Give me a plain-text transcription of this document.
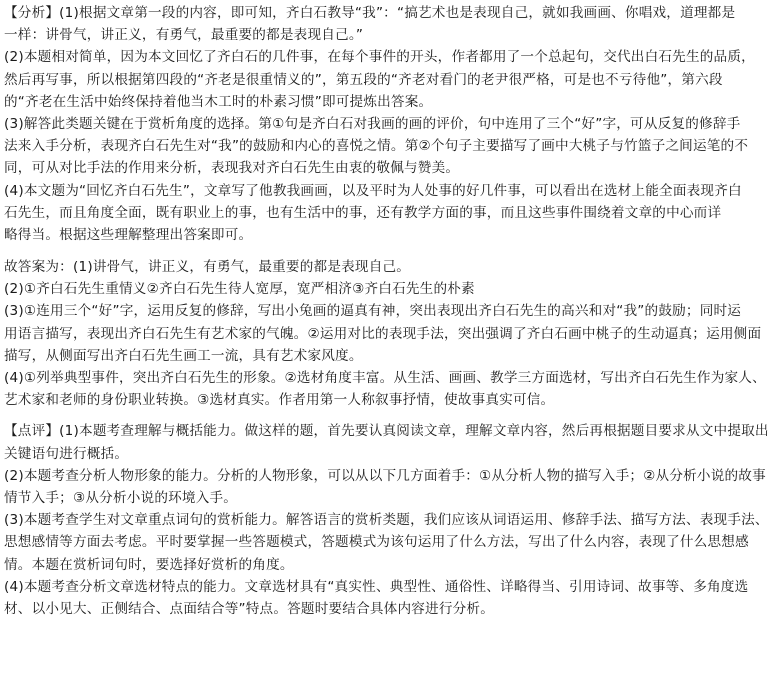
【分析】(1)根据文章第一段的内容，即可知，齐白石教导“我”：“搞艺术也是表现自己，就如我画画、你唱戏，道理都是
一样：讲骨气，讲正义，有勇气，最重要的都是表现自己。”
(2)本题相对简单，因为本文回忆了齐白石的几件事，在每个事件的开头，作者都用了一个总起句，交代出白石先生的品质，
然后再写事，所以根据第四段的“齐老是很重情义的”，第五段的“齐老对看门的老尹很严格，可是也不亏待他”，第六段
的“齐老在生活中始终保持着他当木工时的朴素习惯”即可提炼出答案。
(3)解答此类题关键在于赏析角度的选择。第①句是齐白石对我画的画的评价，句中连用了三个“好”字，可从反复的修辞手
法来入手分析，表现齐白石先生对“我”的鼓励和内心的喜悦之情。第②个句子主要描写了画中大桃子与竹篮子之间运笔的不
同，可从对比手法的作用来分析，表现我对齐白石先生由衷的敬佩与赞美。
(4)本文题为“回忆齐白石先生”，文章写了他教我画画，以及平时为人处事的好几件事，可以看出在选材上能全面表现齐白
石先生，而且角度全面，既有职业上的事，也有生活中的事，还有教学方面的事，而且这些事件围绕着文章的中心而详
略得当。根据这些理解整理出答案即可。
故答案为：(1)讲骨气，讲正义，有勇气，最重要的都是表现自己。
(2)①齐白石先生重情义②齐白石先生待人宽厚，宽严相济③齐白石先生的朴素
(3)①连用三个“好”字，运用反复的修辞，写出小兔画的逼真有神，突出表现出齐白石先生的高兴和对“我”的鼓励；同时运
用语言描写，表现出齐白石先生有艺术家的气魄。②运用对比的表现手法，突出强调了齐白石画中桃子的生动逼真；运用侧面
描写，从侧面写出齐白石先生画工一流，具有艺术家风度。
(4)①列举典型事件，突出齐白石先生的形象。②选材角度丰富。从生活、画画、教学三方面选材，写出齐白石先生作为家人、
艺术家和老师的身份职业转换。③选材真实。作者用第一人称叙事抒情，使故事真实可信。
【点评】(1)本题考查理解与概括能力。做这样的题，首先要认真阅读文章，理解文章内容，然后再根据题目要求从文中提取出
关键语句进行概括。
(2)本题考查分析人物形象的能力。分析的人物形象，可以从以下几方面着手：①从分析人物的描写入手；②从分析小说的故事
情节入手；③从分析小说的环境入手。
(3)本题考查学生对文章重点词句的赏析能力。解答语言的赏析类题，我们应该从词语运用、修辞手法、描写方法、表现手法、
思想感情等方面去考虑。平时要掌握一些答题模式，答题模式为该句运用了什么方法，写出了什么内容，表现了什么思想感
情。本题在赏析词句时，要选择好赏析的角度。
(4)本题考查分析文章选材特点的能力。文章选材具有“真实性、典型性、通俗性、详略得当、引用诗词、故事等、多角度选
材、以小见大、正侧结合、点面结合等”特点。答题时要结合具体内容进行分析。
